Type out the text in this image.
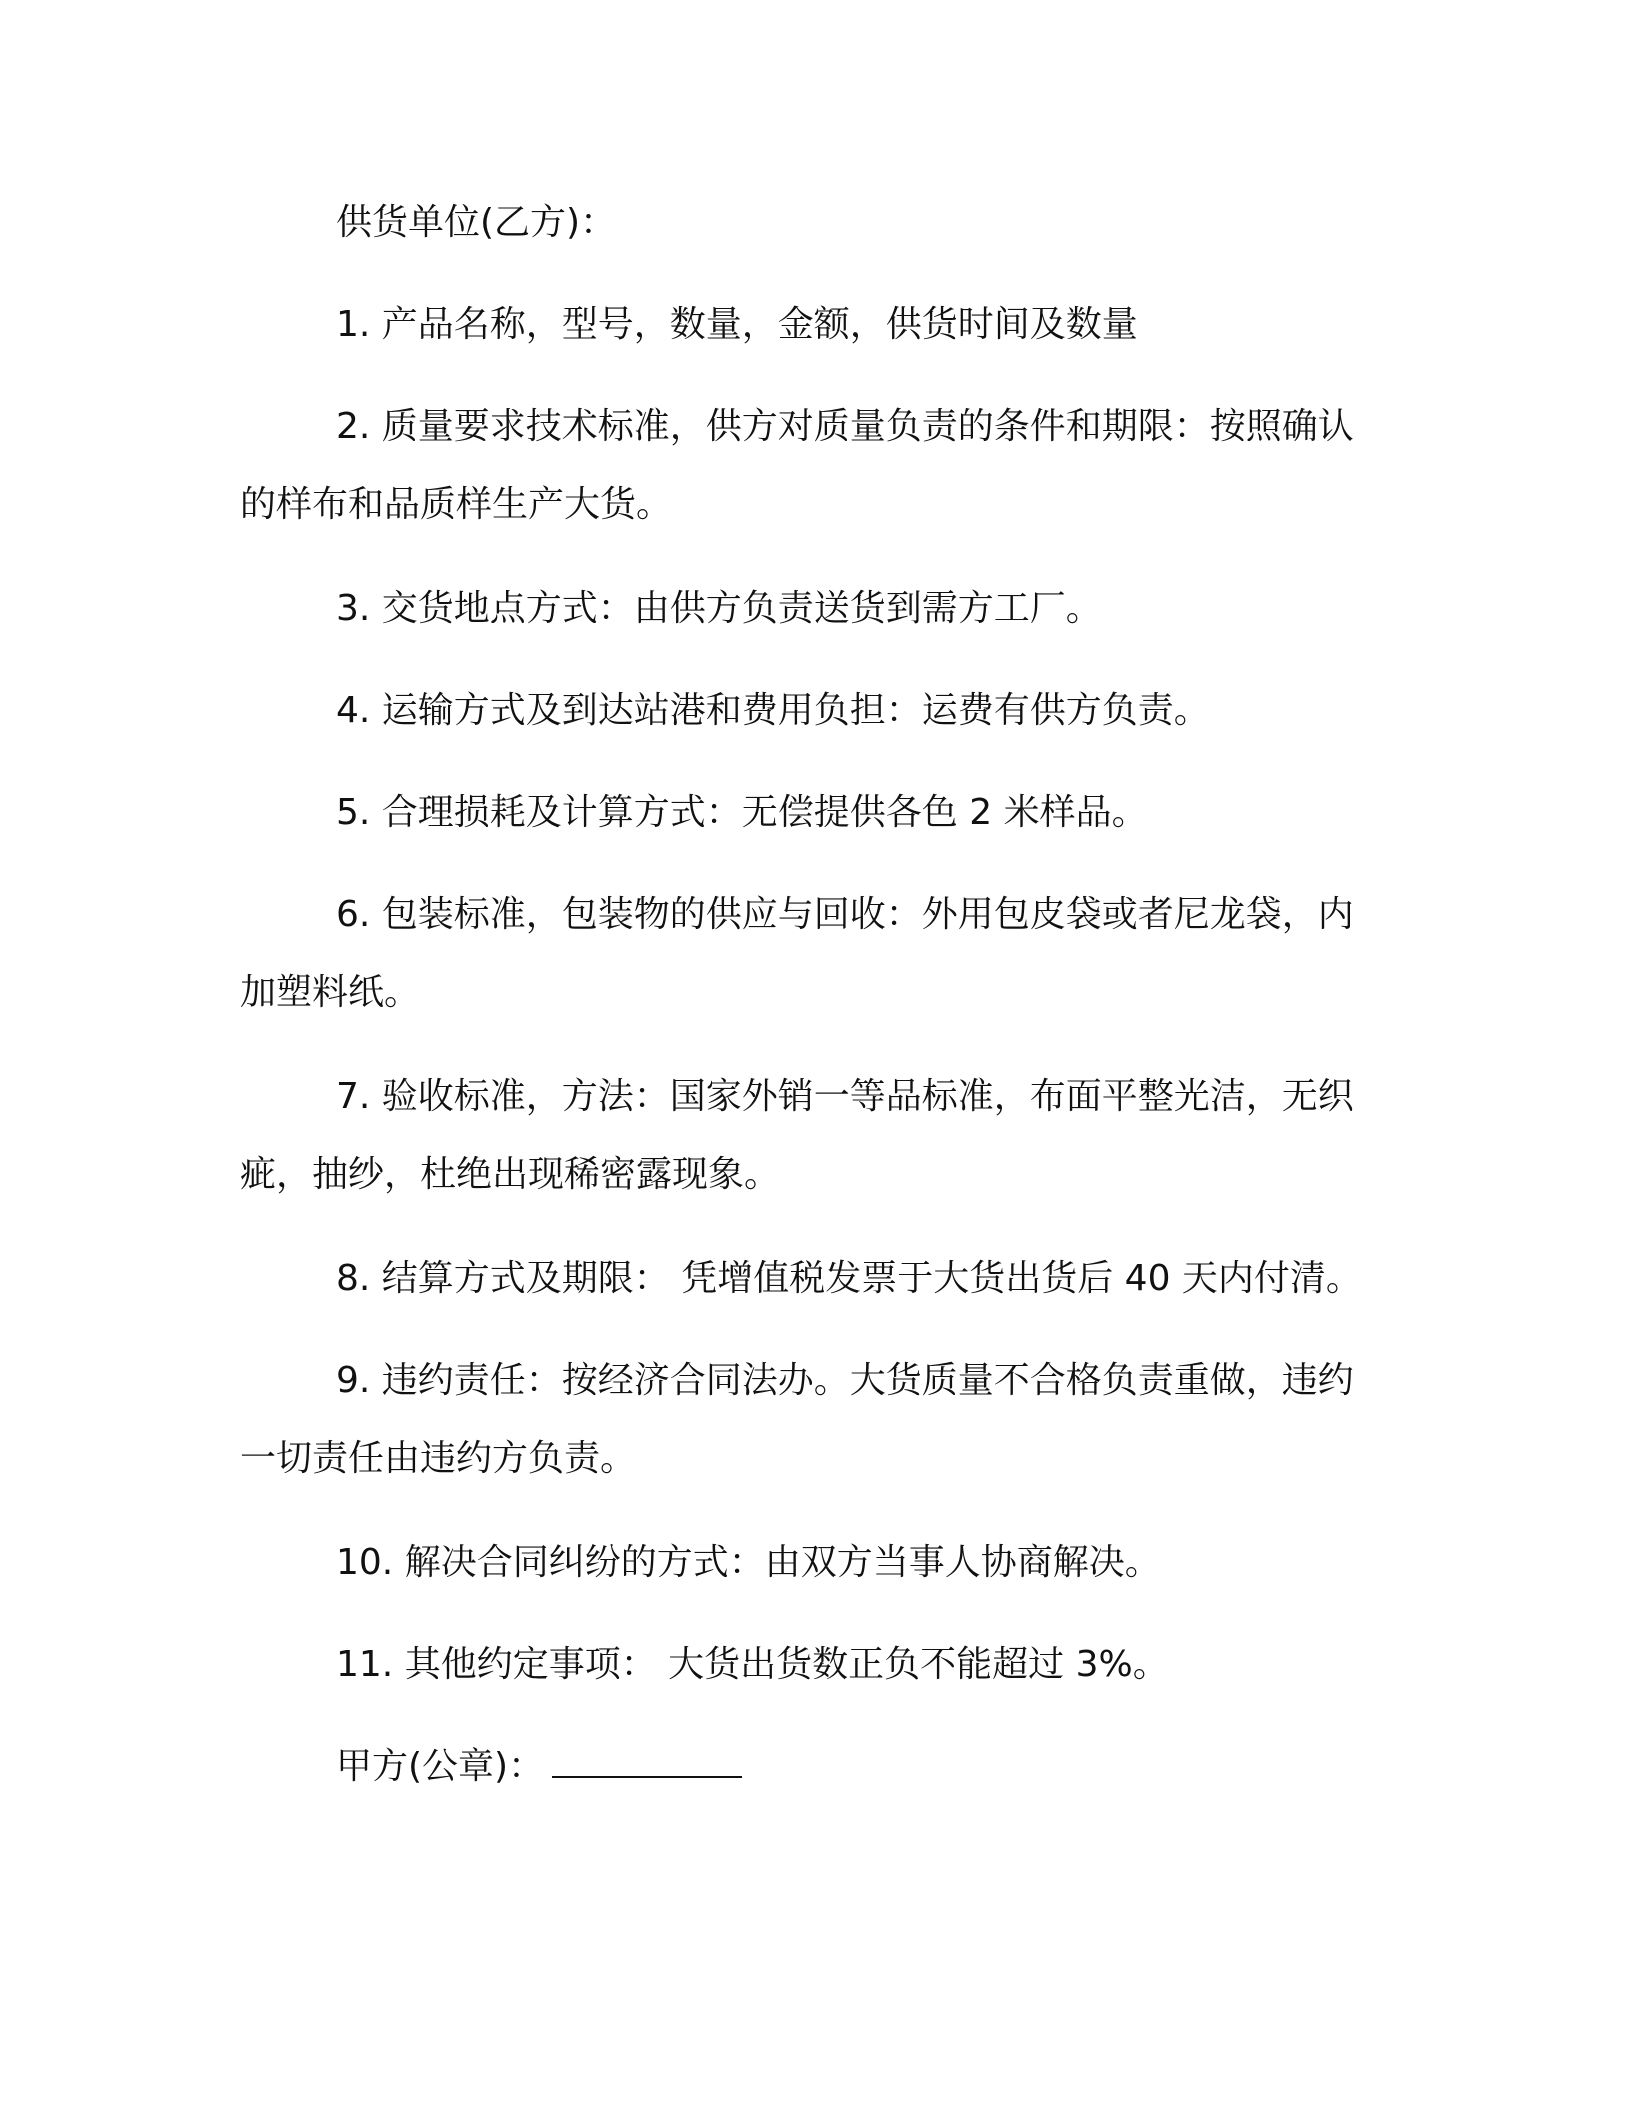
供货单位(乙方)：
1. 产品名称，型号，数量，金额，供货时间及数量
2. 质量要求技术标准，供方对质量负责的条件和期限：按照确认的样布和品质样生产大货。
3. 交货地点方式：由供方负责送货到需方工厂。
4. 运输方式及到达站港和费用负担：运费有供方负责。
5. 合理损耗及计算方式：无偿提供各色 2 米样品。
6. 包装标准，包装物的供应与回收：外用包皮袋或者尼龙袋，内加塑料纸。
7. 验收标准，方法：国家外销一等品标准，布面平整光洁，无织疵，抽纱，杜绝出现稀密露现象。
8. 结算方式及期限： 凭增值税发票于大货出货后 40 天内付清。
9. 违约责任：按经济合同法办。大货质量不合格负责重做，违约一切责任由违约方负责。
10. 解决合同纠纷的方式：由双方当事人协商解决。
11. 其他约定事项： 大货出货数正负不能超过 3%。
甲方(公章)：
